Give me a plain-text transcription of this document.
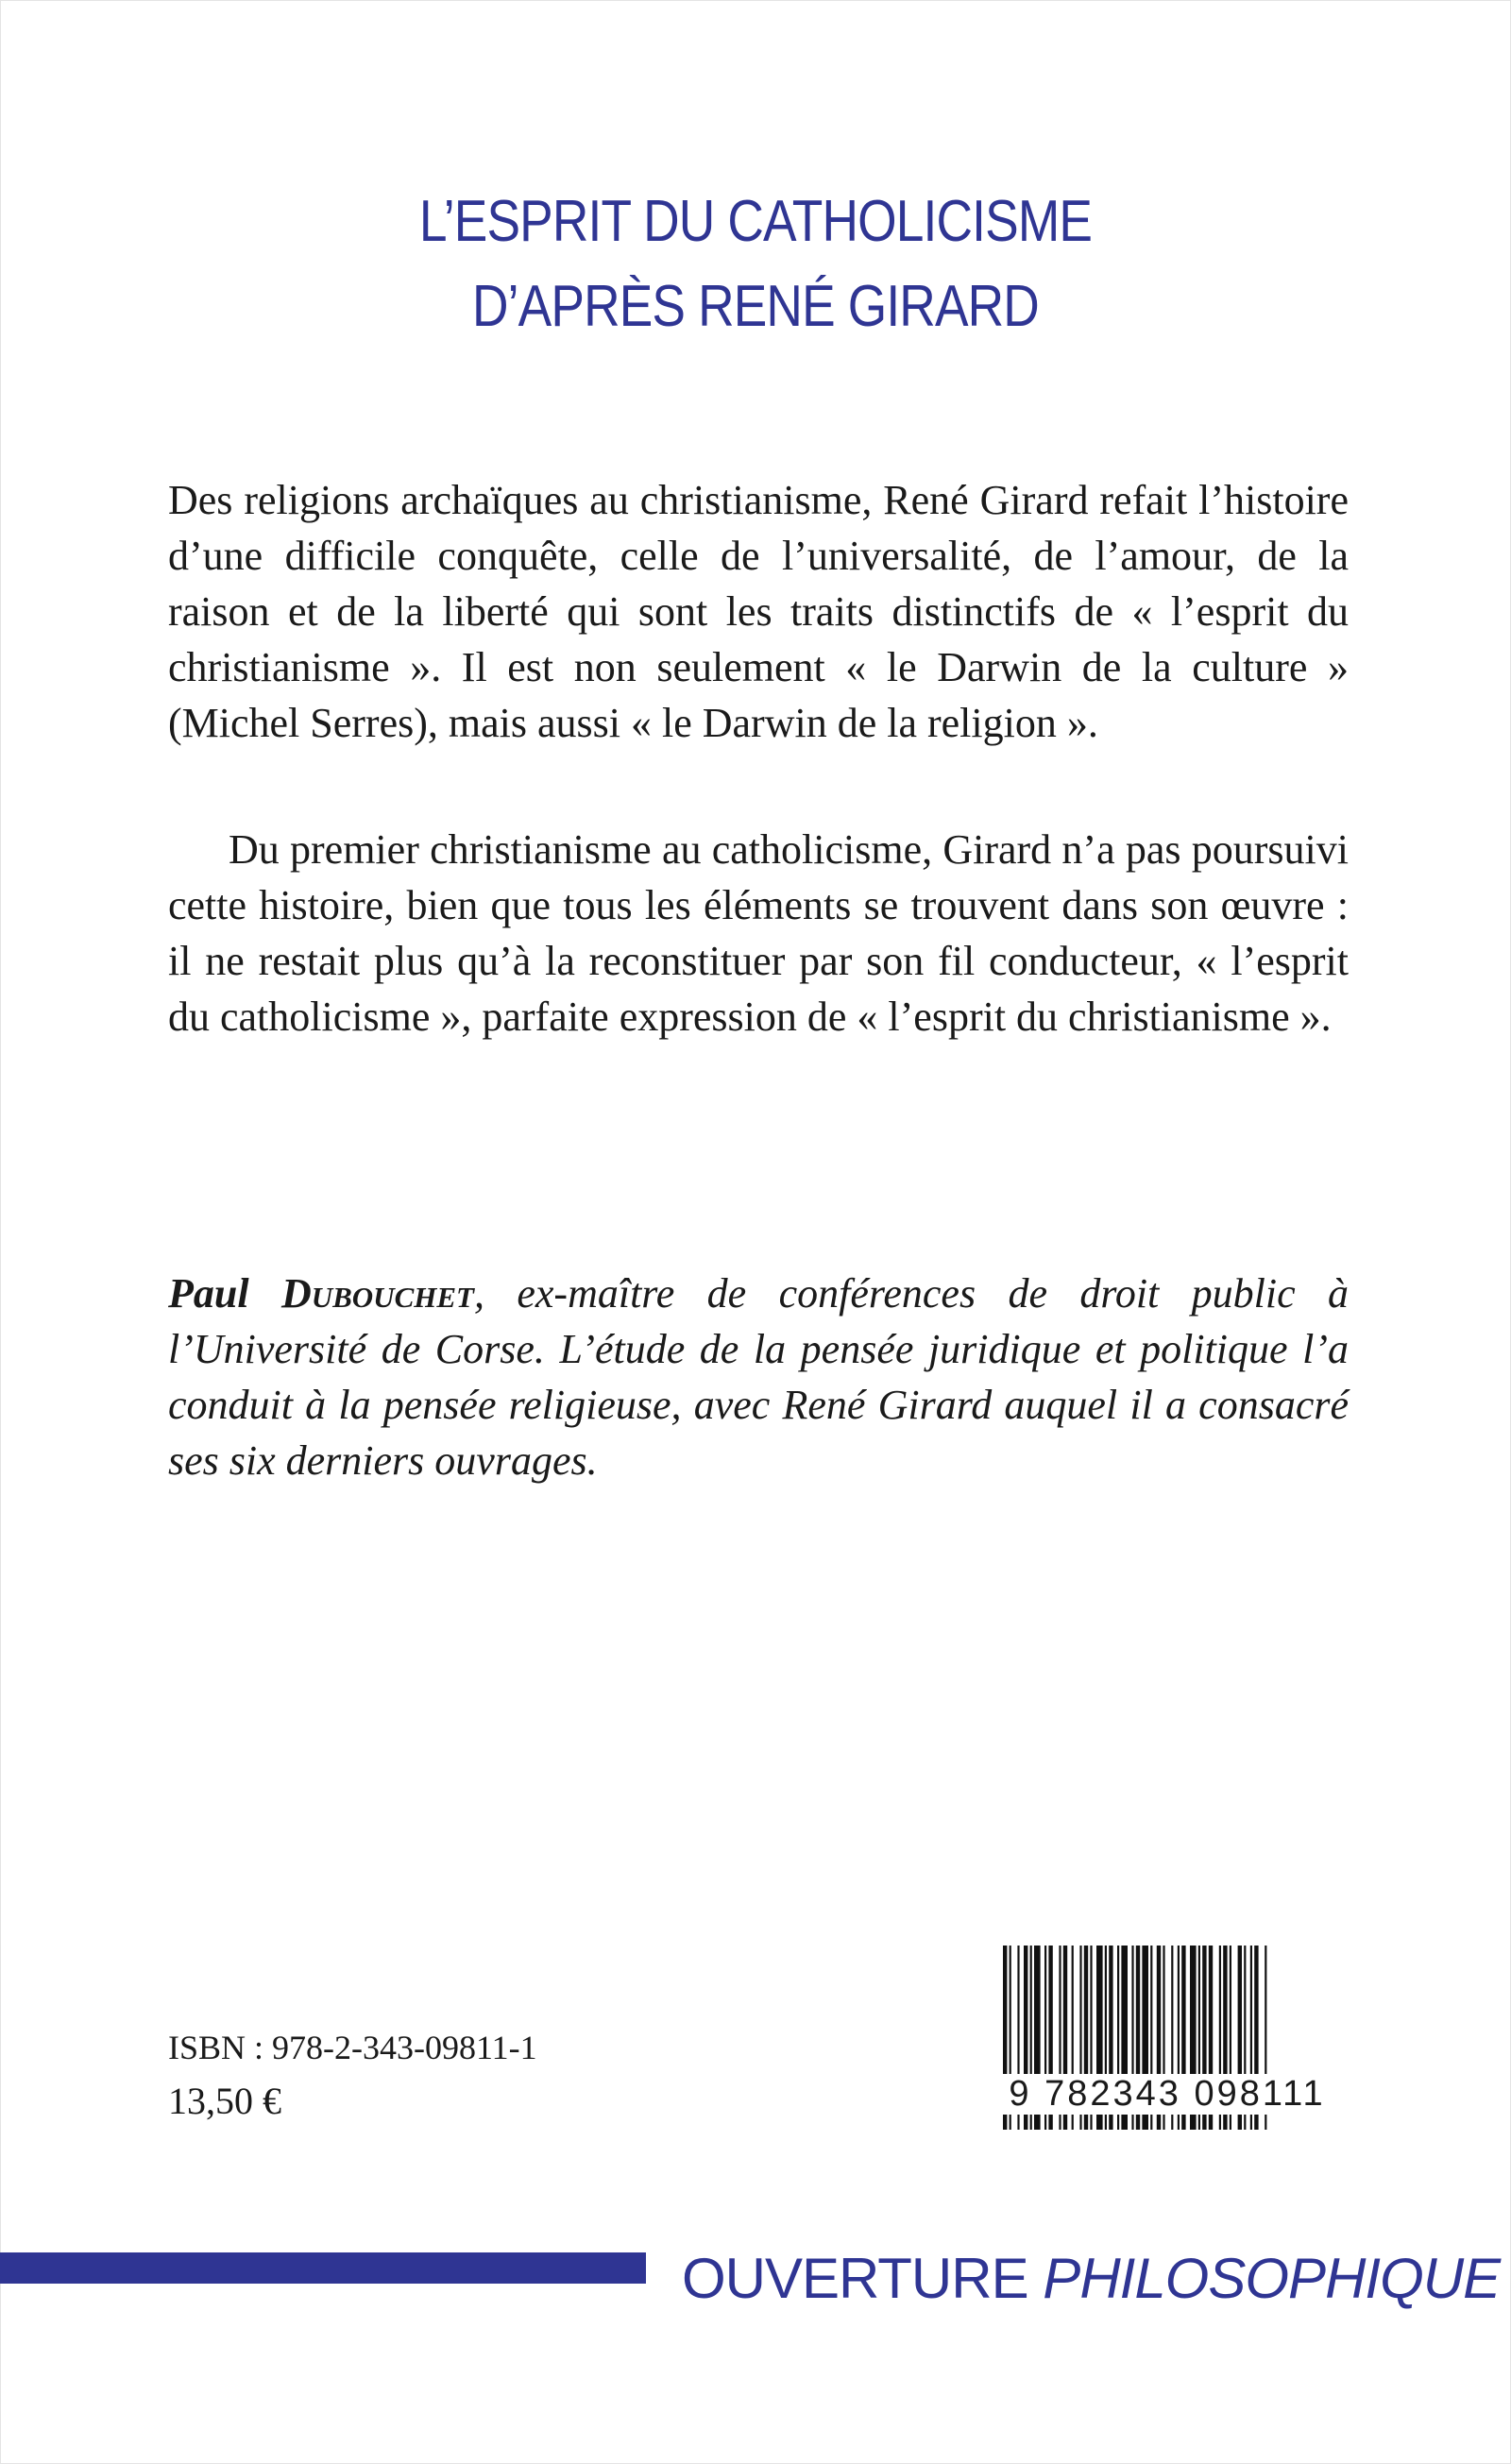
L’ESPRIT DU CATHOLICISME
D’APRÈS RENÉ GIRARD

Des religions archaïques au christianisme, René Girard refait l’histoire d’une difficile conquête, celle de l’universalité, de l’amour, de la raison et de la liberté qui sont les traits distinctifs de « l’esprit du christianisme ». Il est non seulement « le Darwin de la culture » (Michel Serres), mais aussi « le Darwin de la religion ».

Du premier christianisme au catholicisme, Girard n’a pas poursuivi cette histoire, bien que tous les éléments se trouvent dans son œuvre : il ne restait plus qu’à la reconstituer par son fil conducteur, « l’esprit du catholicisme », parfaite expression de « l’esprit du christianisme ».

Paul Dubouchet, ex-maître de conférences de droit public à l’Université de Corse. L’étude de la pensée juridique et politique l’a conduit à la pensée religieuse, avec René Girard auquel il a consacré ses six derniers ouvrages.
ISBN : 978-2-343-09811-1
13,50 €	9 782343 098111
OUVERTURE PHILOSOPHIQUE
